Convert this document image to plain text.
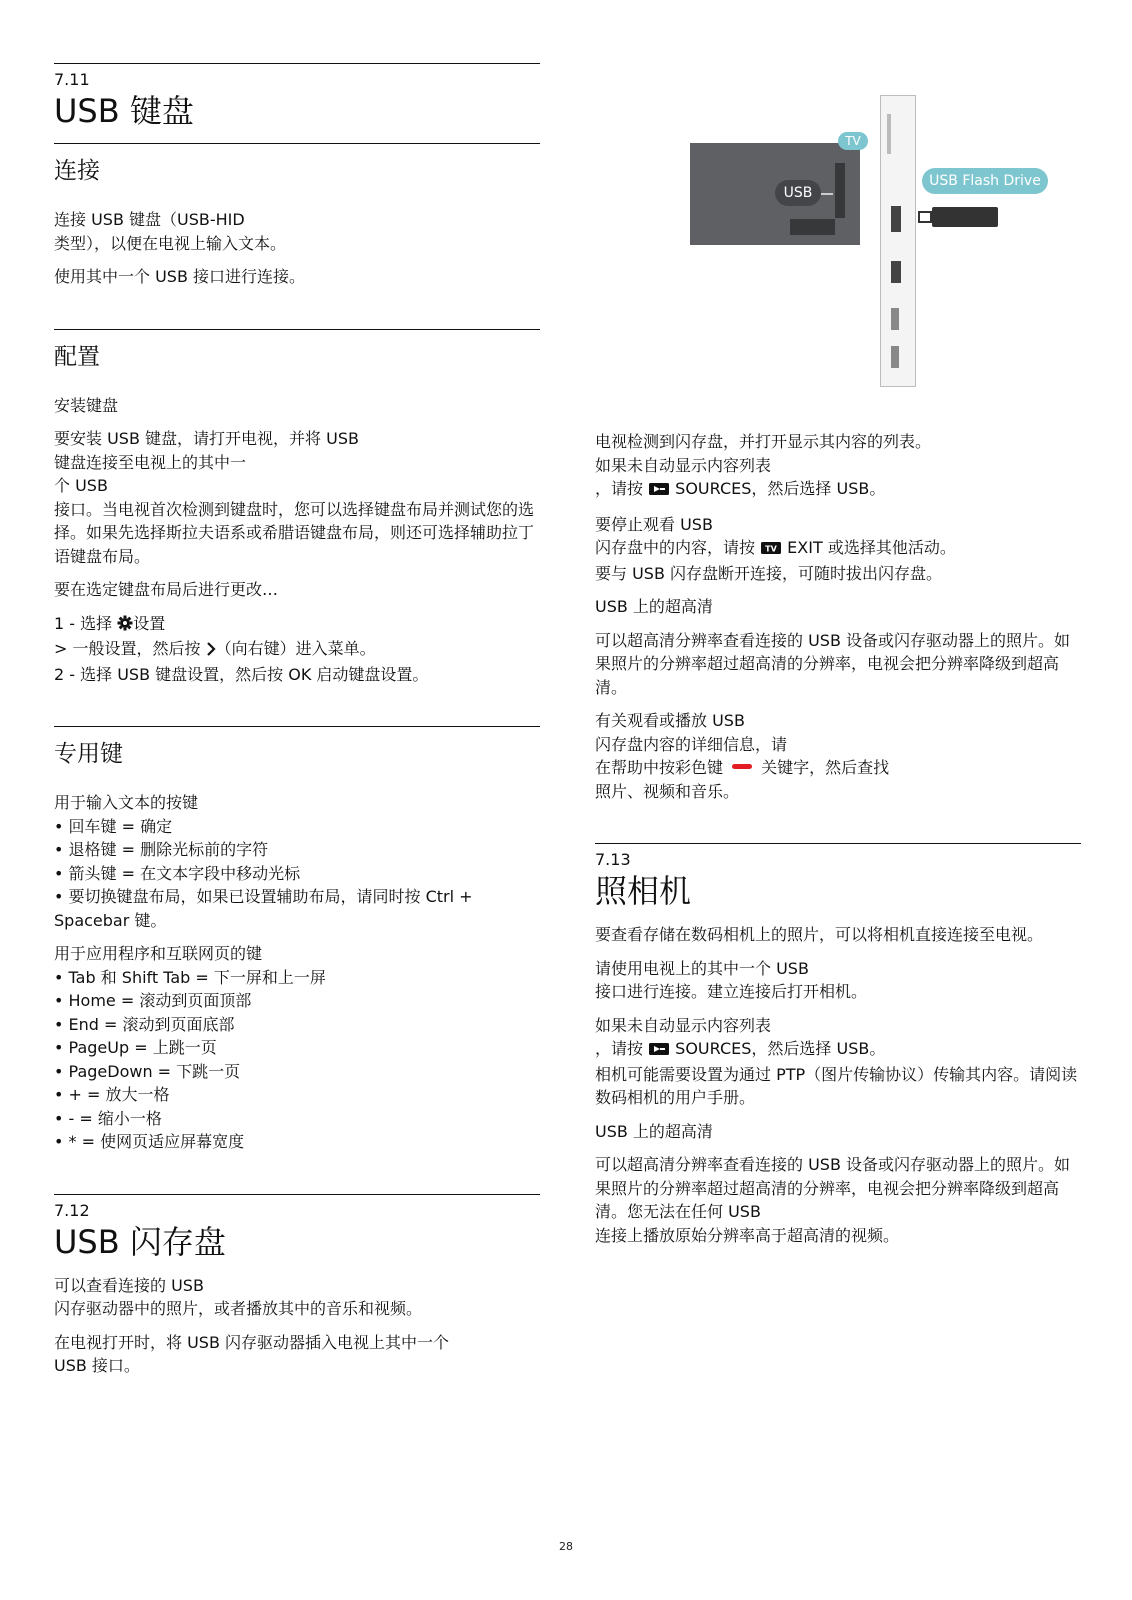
7.11
USB 键盘
连接

连接 USB 键盘（USB-HID
类型），以便在电视上输入文本。

使用其中一个 USB 接口进行连接。

配置

安装键盘

要安装 USB 键盘，请打开电视，并将 USB
键盘连接至电视上的其中一
个 USB
接口。当电视首次检测到键盘时，您可以选择键盘布局并测试您的选择。如果先选择斯拉夫语系或希腊语键盘布局，则还可选择辅助拉丁语键盘布局。

要在选定键盘布局后进行更改…

1 - 选择 设置
> 一般设置，然后按 （向右键）进入菜单。
2 - 选择 USB 键盘设置，然后按 OK 启动键盘设置。
专用键
用于输入文本的按键
• 回车键 = 确定
• 退格键 = 删除光标前的字符
• 箭头键 = 在文本字段中移动光标
• 要切换键盘布局，如果已设置辅助布局，请同时按 Ctrl + Spacebar 键。
用于应用程序和互联网页的键
• Tab 和 Shift Tab = 下一屏和上一屏
• Home = 滚动到页面顶部
• End = 滚动到页面底部
• PageUp = 上跳一页
• PageDown = 下跳一页
• + = 放大一格
• - = 缩小一格
• * = 使网页适应屏幕宽度
7.12
USB 闪存盘

可以查看连接的 USB
闪存驱动器中的照片，或者播放其中的音乐和视频。

在电视打开时，将 USB 闪存驱动器插入电视上其中一个
USB 接口。

TV
USB
USB Flash Drive
电视检测到闪存盘，并打开显示其内容的列表。
如果未自动显示内容列表
，请按  SOURCES，然后选择 USB。
要停止观看 USB
闪存盘中的内容，请按 TV EXIT 或选择其他活动。
要与 USB 闪存盘断开连接，可随时拔出闪存盘。

USB 上的超高清

可以超高清分辨率查看连接的 USB 设备或闪存驱动器上的照片。如果照片的分辨率超过超高清的分辨率，电视会把分辨率降级到超高清。

有关观看或播放 USB
闪存盘内容的详细信息，请
在帮助中按彩色键  关键字，然后查找
照片、视频和音乐。
7.13
照相机

要查看存储在数码相机上的照片，可以将相机直接连接至电视。

请使用电视上的其中一个 USB
接口进行连接。建立连接后打开相机。

如果未自动显示内容列表
，请按  SOURCES，然后选择 USB。
相机可能需要设置为通过 PTP（图片传输协议）传输其内容。请阅读数码相机的用户手册。

USB 上的超高清

可以超高清分辨率查看连接的 USB 设备或闪存驱动器上的照片。如果照片的分辨率超过超高清的分辨率，电视会把分辨率降级到超高清。您无法在任何 USB
连接上播放原始分辨率高于超高清的视频。

28
